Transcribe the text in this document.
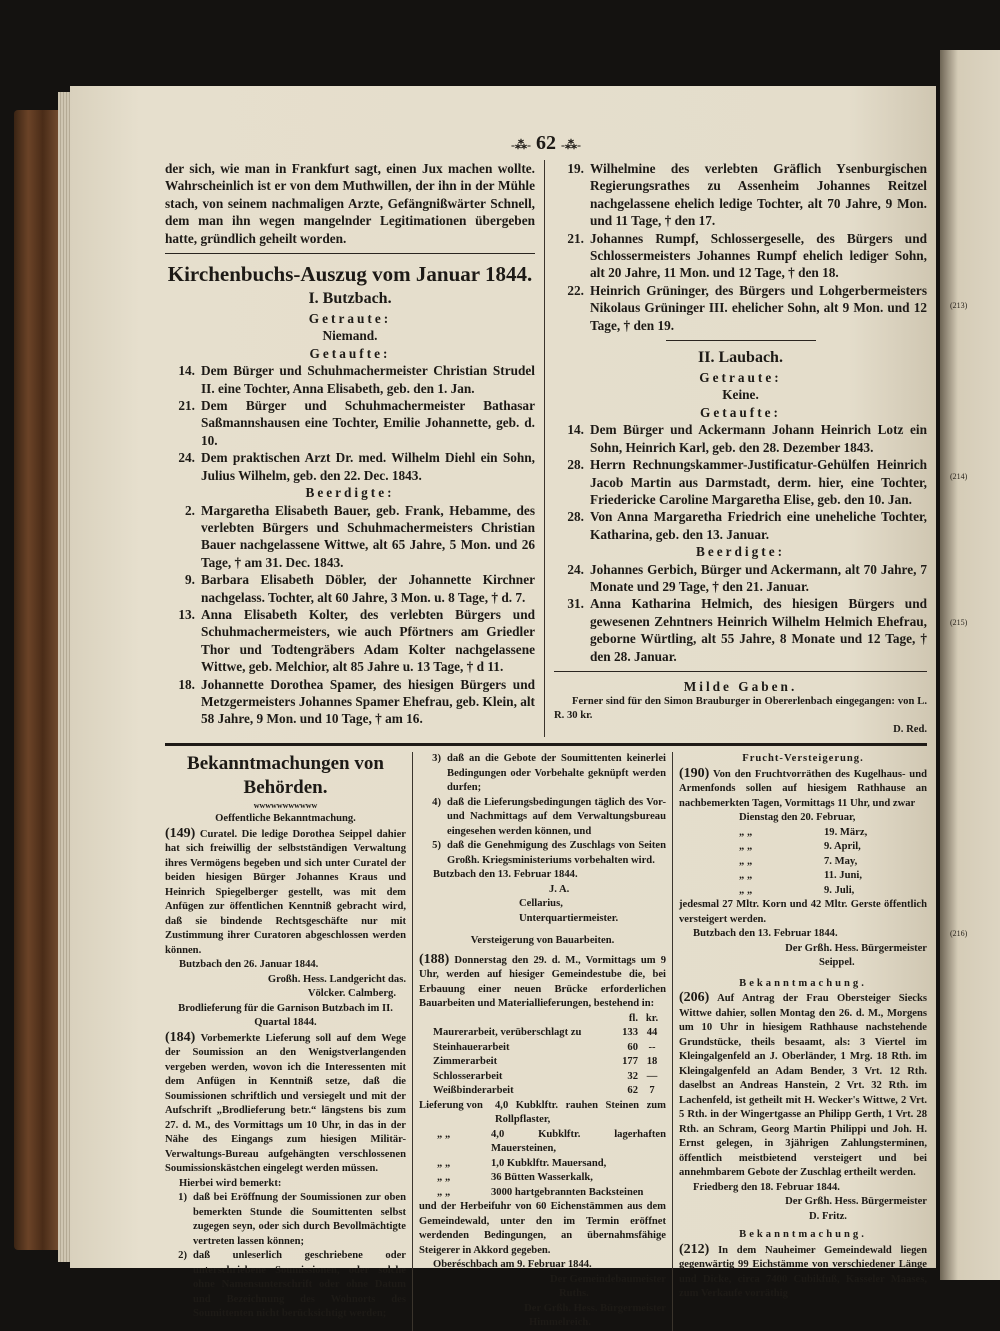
(213)
(214)
(215)
(216)
-⁂- 62 -⁂-

der sich, wie man in Frankfurt sagt, einen Jux machen wollte. Wahrscheinlich ist er von dem Muthwillen, der ihn in der Mühle stach, von seinem nachmaligen Arzte, Gefängnißwärter Schnell, dem man ihn wegen mangelnder Legitimationen übergeben hatte, gründlich geheilt worden.

Kirchenbuchs-Auszug vom Januar 1844.
I. Butzbach.
Getraute:
Niemand.
Getaufte:
14. Dem Bürger und Schuhmachermeister Christian Strudel II. eine Tochter, Anna Elisabeth, geb. den 1. Jan.
21. Dem Bürger und Schuhmachermeister Bathasar Saßmannshausen eine Tochter, Emilie Johannette, geb. d. 10.
24. Dem praktischen Arzt Dr. med. Wilhelm Diehl ein Sohn, Julius Wilhelm, geb. den 22. Dec. 1843.
Beerdigte:
2. Margaretha Elisabeth Bauer, geb. Frank, Hebamme, des verlebten Bürgers und Schuhmachermeisters Christian Bauer nachgelassene Wittwe, alt 65 Jahre, 5 Mon. und 26 Tage, † am 31. Dec. 1843.
9. Barbara Elisabeth Döbler, der Johannette Kirchner nachgelass. Tochter, alt 60 Jahre, 3 Mon. u. 8 Tage, † d. 7.
13. Anna Elisabeth Kolter, des verlebten Bürgers und Schuhmachermeisters, wie auch Pförtners am Griedler Thor und Todtengräbers Adam Kolter nachgelassene Wittwe, geb. Melchior, alt 85 Jahre u. 13 Tage, † d 11.
18. Johannette Dorothea Spamer, des hiesigen Bürgers und Metzgermeisters Johannes Spamer Ehefrau, geb. Klein, alt 58 Jahre, 9 Mon. und 10 Tage, † am 16.
19. Wilhelmine des verlebten Gräflich Ysenburgischen Regierungsrathes zu Assenheim Johannes Reitzel nachgelassene ehelich ledige Tochter, alt 70 Jahre, 9 Mon. und 11 Tage, † den 17.
21. Johannes Rumpf, Schlossergeselle, des Bürgers und Schlossermeisters Johannes Rumpf ehelich lediger Sohn, alt 20 Jahre, 11 Mon. und 12 Tage, † den 18.
22. Heinrich Grüninger, des Bürgers und Lohgerbermeisters Nikolaus Grüninger III. ehelicher Sohn, alt 9 Mon. und 12 Tage, † den 19.
II. Laubach.
Getraute:
Keine.
Getaufte:
14. Dem Bürger und Ackermann Johann Heinrich Lotz ein Sohn, Heinrich Karl, geb. den 28. Dezember 1843.
28. Herrn Rechnungskammer-Justificatur-Gehülfen Heinrich Jacob Martin aus Darmstadt, derm. hier, eine Tochter, Friedericke Caroline Margaretha Elise, geb. den 10. Jan.
28. Von Anna Margaretha Friedrich eine uneheliche Tochter, Katharina, geb. den 13. Januar.
Beerdigte:
24. Johannes Gerbich, Bürger und Ackermann, alt 70 Jahre, 7 Monate und 29 Tage, † den 21. Januar.
31. Anna Katharina Helmich, des hiesigen Bürgers und gewesenen Zehntners Heinrich Wilhelm Helmich Ehefrau, geborne Würtling, alt 55 Jahre, 8 Monate und 12 Tage, † den 28. Januar.
Milde Gaben.

Ferner sind für den Simon Brauburger in Obererlenbach eingegangen: von L. R. 30 kr.

D. Red.
Bekanntmachungen von Behörden.
wwwwwwwwwww
Oeffentliche Bekanntmachung.

(149) Curatel. Die ledige Dorothea Seippel dahier hat sich freiwillig der selbstständigen Verwaltung ihres Vermögens begeben und sich unter Curatel der beiden hiesigen Bürger Johannes Kraus und Heinrich Spiegelberger gestellt, was mit dem Anfügen zur öffentlichen Kenntniß gebracht wird, daß sie bindende Rechtsgeschäfte nur mit Zustimmung ihrer Curatoren abgeschlossen werden können.

Butzbach den 26. Januar 1844.
Großh. Hess. Landgericht das.
Völcker. Calmberg.
Brodlieferung für die Garnison Butzbach im II. Quartal 1844.

(184) Vorbemerkte Lieferung soll auf dem Wege der Soumission an den Wenigstverlangenden vergeben werden, wovon ich die Interessenten mit dem Anfügen in Kenntniß setze, daß die Soumissionen schriftlich und versiegelt und mit der Aufschrift „Brodlieferung betr.“ längstens bis zum 27. d. M., des Vormittags um 10 Uhr, in das in der Nähe des Eingangs zum hiesigen Militär-Verwaltungs-Bureau aufgehängten verschlossenen Soumissionskästchen eingelegt werden müssen.

Hierbei wird bemerkt:
1) daß bei Eröffnung der Soumissionen zur oben bemerkten Stunde die Soumittenten selbst zugegen seyn, oder sich durch Bevollmächtigte vertreten lassen können;
2) daß unleserlich geschriebene oder unterschriebene Soumissionen, oder solche ohne Namensunterschrift oder ohne Datum und Bezeichnung des Wohnorts des Soumittenten nicht berücksichtigt werden;
3) daß an die Gebote der Soumittenten keinerlei Bedingungen oder Vorbehalte geknüpft werden durfen;
4) daß die Lieferungsbedingungen täglich des Vor- und Nachmittags auf dem Verwaltungsbureau eingesehen werden können, und
5) daß die Genehmigung des Zuschlags von Seiten Großh. Kriegsministeriums vorbehalten wird.
Butzbach den 13. Februar 1844.
J. A.
Cellarius,
Unterquartiermeister.
Versteigerung von Bauarbeiten.

(188) Donnerstag den 29. d. M., Vormittags um 9 Uhr, werden auf hiesiger Gemeindestube die, bei Erbauung einer neuen Brücke erforderlichen Bauarbeiten und Materiallieferungen, bestehend in:

	fl.	kr.
Maurerarbeit, verüberschlagt zu	133	44
Steinhauerarbeit	60	--
Zimmerarbeit	177	18
Schlosserarbeit	32	—
Weißbinderarbeit	62	7
Lieferung von	4,0 Kubklftr. rauhen Steinen zum Rollpflaster,
„ „	4,0 Kubklftr. lagerhaften Mauersteinen,
„ „	1,0 Kubklftr. Mauersand,
„ „	36 Bütten Wasserkalk,
„ „	3000 hartgebrannten Backsteinen

und der Herbeifuhr von 60 Eichenstämmen aus dem Gemeindewald, unter den im Termin eröffnet werdenden Bedingungen, an übernahmsfähige Steigerer in Akkord gegeben.

Oberéschbach am 9. Februar 1844.
Der Gemeindebaumeister
Ruths.
Der Grßh. Hess. Bürgermeister
Himmelreich.
Frucht-Versteigerung.

(190) Von den Fruchtvorräthen des Kugelhaus- und Armenfonds sollen auf hiesigem Rathhause an nachbemerkten Tagen, Vormittags 11 Uhr, und zwar

Dienstag den 20. Februar,
„ „	19. März,
„ „	9. April,
„ „	7. May,
„ „	11. Juni,
„ „	9. Juli,

jedesmal 27 Mltr. Korn und 42 Mltr. Gerste öffentlich versteigert werden.

Butzbach den 13. Februar 1844.
Der Grßh. Hess. Bürgermeister
Seippel.
Bekanntmachung.

(206) Auf Antrag der Frau Obersteiger Siecks Wittwe dahier, sollen Montag den 26. d. M., Morgens um 10 Uhr in hiesigem Rathhause nachstehende Grundstücke, theils besaamt, als: 3 Viertel im Kleingalgenfeld an J. Oberländer, 1 Mrg. 18 Rth. im Kleingalgenfeld an Adam Bender, 3 Vrt. 12 Rth. daselbst an Andreas Hanstein, 2 Vrt. 32 Rth. im Lachenfeld, ist getheilt mit H. Wecker's Wittwe, 2 Vrt. 5 Rth. in der Wingertgasse an Philipp Gerth, 1 Vrt. 28 Rth. an Schram, Georg Martin Philippi und Joh. H. Ernst gelegen, in 3jährigen Zahlungsterminen, öffentlich meistbietend versteigert und bei annehmbarem Gebote der Zuschlag ertheilt werden.

Friedberg den 18. Februar 1844.
Der Grßh. Hess. Bürgermeister
D. Fritz.
Bekanntmachung.

(212) In dem Nauheimer Gemeindewald liegen gegenwärtig 99 Eichstämme von verschiedener Länge und Dicke, circa 7400 Cubikfuß, Kasseler Maases, zum Verkaufe vorräthig
